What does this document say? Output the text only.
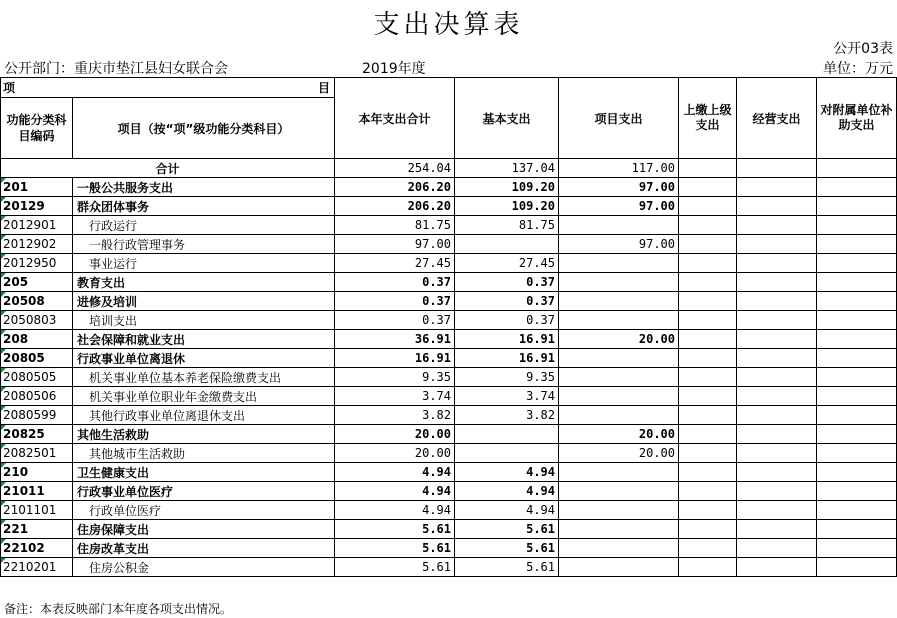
支出决算表
公开03表
公开部门：重庆市垫江县妇女联合会	2019年度	单位：万元
项 目		本年支出合计	基本支出	项目支出	上缴上级支出	经营支出	对附属单位补助支出
功能分类科目编码	项目（按“项”级功能分类科目）						
合计		254.04	137.04	117.00			
201	一般公共服务支出	206.20	109.20	97.00			
20129	群众团体事务	206.20	109.20	97.00			
2012901	行政运行	81.75	81.75				
2012902	一般行政管理事务	97.00		97.00			
2012950	事业运行	27.45	27.45				
205	教育支出	0.37	0.37				
20508	进修及培训	0.37	0.37				
2050803	培训支出	0.37	0.37				
208	社会保障和就业支出	36.91	16.91	20.00			
20805	行政事业单位离退休	16.91	16.91				
2080505	机关事业单位基本养老保险缴费支出	9.35	9.35				
2080506	机关事业单位职业年金缴费支出	3.74	3.74				
2080599	其他行政事业单位离退休支出	3.82	3.82				
20825	其他生活救助	20.00		20.00			
2082501	其他城市生活救助	20.00		20.00			
210	卫生健康支出	4.94	4.94				
21011	行政事业单位医疗	4.94	4.94				
2101101	行政单位医疗	4.94	4.94				
221	住房保障支出	5.61	5.61				
22102	住房改革支出	5.61	5.61				
2210201	住房公积金	5.61	5.61				
备注：本表反映部门本年度各项支出情况。
